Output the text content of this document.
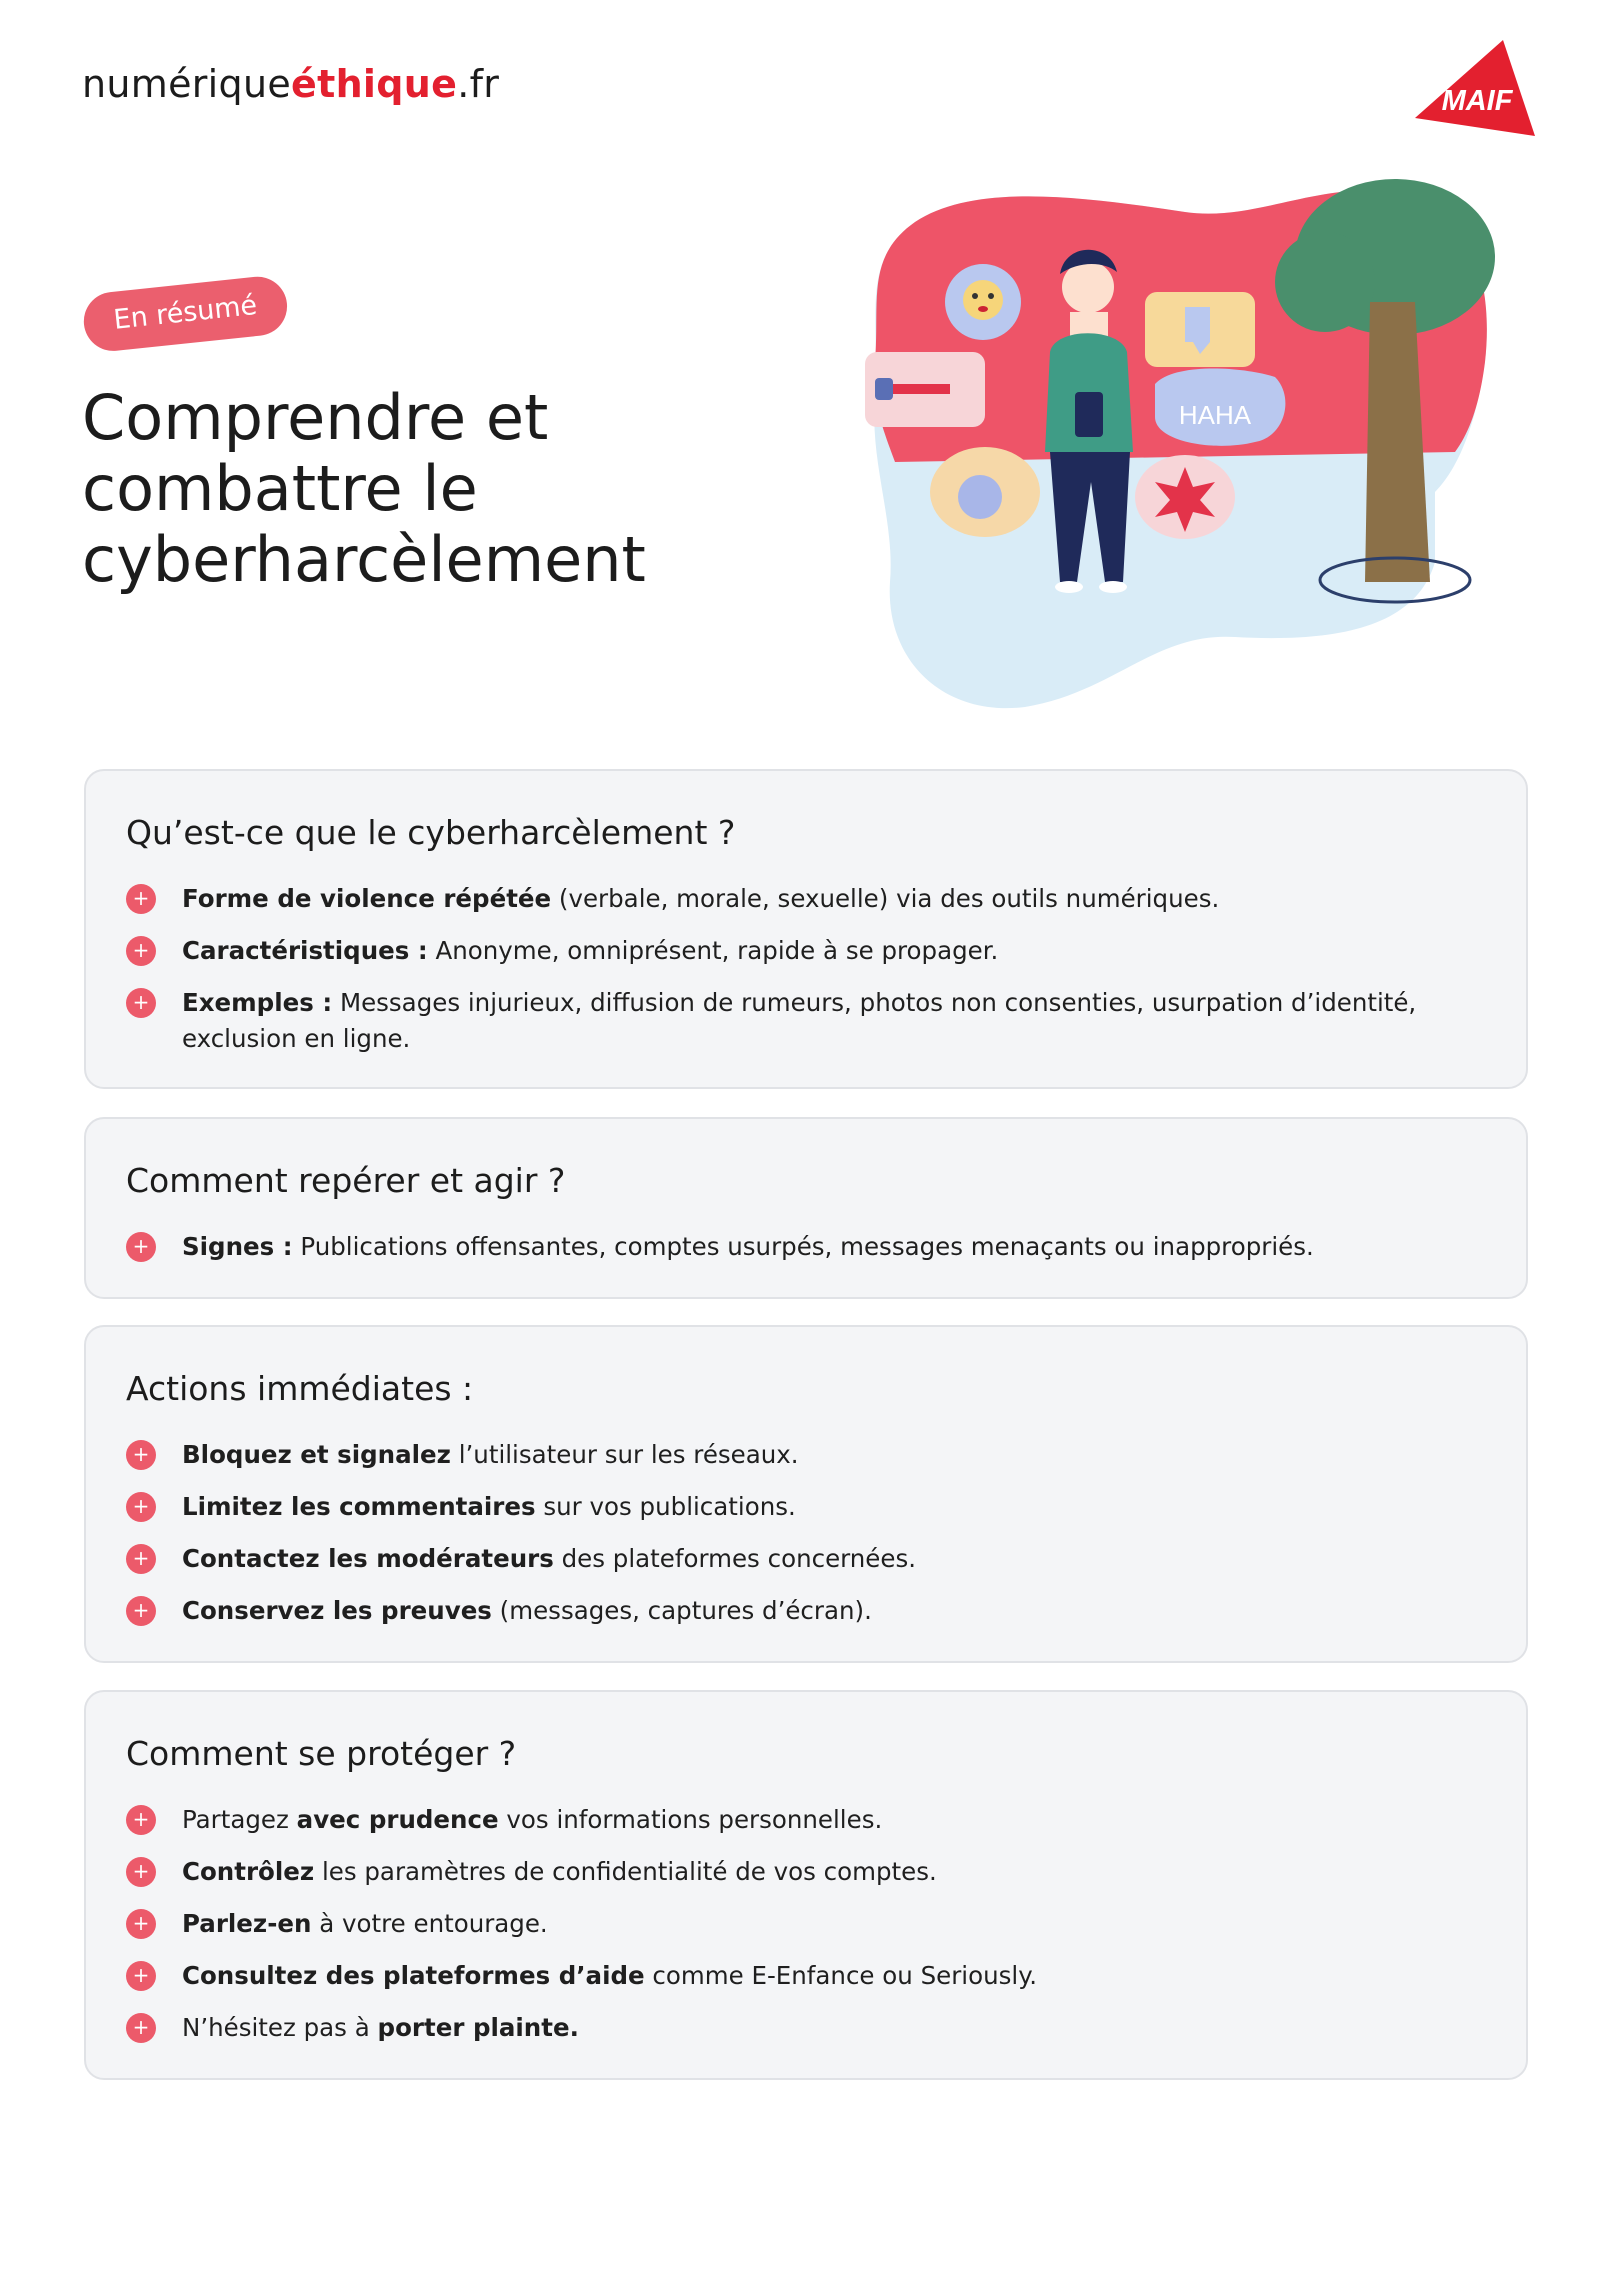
numériqueéthique.fr	MAIF
En résumé
Comprendre et combattre le cyberharcèlement
HAHA
Qu’est-ce que le cyberharcèlement ?
+ Forme de violence répétée (verbale, morale, sexuelle) via des outils numériques.
+ Caractéristiques : Anonyme, omniprésent, rapide à se propager.
+ Exemples : Messages injurieux, diffusion de rumeurs, photos non consenties, usurpation d’identité, exclusion en ligne.
Comment repérer et agir ?
+ Signes : Publications offensantes, comptes usurpés, messages menaçants ou inappropriés.
Actions immédiates :
+ Bloquez et signalez l’utilisateur sur les réseaux.
+ Limitez les commentaires sur vos publications.
+ Contactez les modérateurs des plateformes concernées.
+ Conservez les preuves (messages, captures d’écran).
Comment se protéger ?
+ Partagez avec prudence vos informations personnelles.
+ Contrôlez les paramètres de confidentialité de vos comptes.
+ Parlez-en à votre entourage.
+ Consultez des plateformes d’aide comme E-Enfance ou Seriously.
+ N’hésitez pas à porter plainte.
